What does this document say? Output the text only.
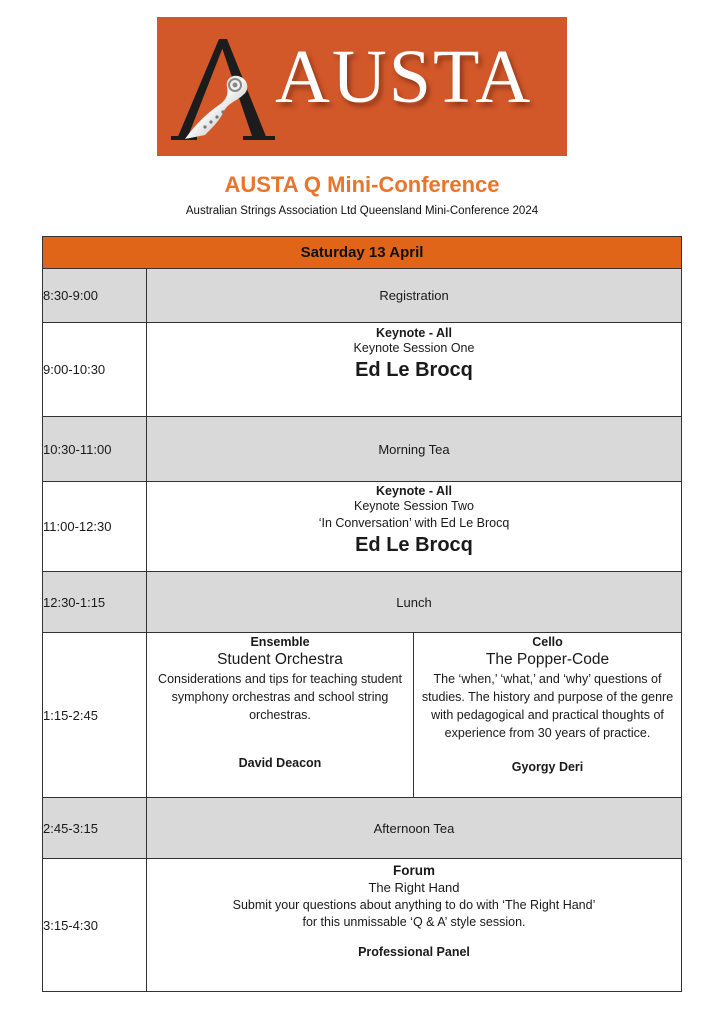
AUSTA
AUSTA Q Mini-Conference
Australian Strings Association Ltd Queensland Mini-Conference 2024
Saturday 13 April		
8:30-9:00	Registration	
9:00-10:30	Keynote - All
Keynote Session One
Ed Le Brocq	

10:30-11:00	Morning Tea	
11:00-12:30	Keynote - All
Keynote Session Two
‘In Conversation’ with Ed Le Brocq
Ed Le Brocq	

12:30-1:15	Lunch	
1:15-2:45	
Ensemble
Student Orchestra
Considerations and tips for teaching student symphony orchestras and school string orchestras.
David Deacon

Cello
The Popper-Code
The ‘when,’ ‘what,’ and ‘why’ questions of studies. The history and purpose of the genre with pedagogical and practical thoughts of experience from 30 years of practice.
Gyorgy Deri

2:45-3:15	Afternoon Tea	
3:15-4:30	Forum
The Right Hand
Submit your questions about anything to do with ‘The Right Hand’
for this unmissable ‘Q & A’ style session.
Professional Panel	
